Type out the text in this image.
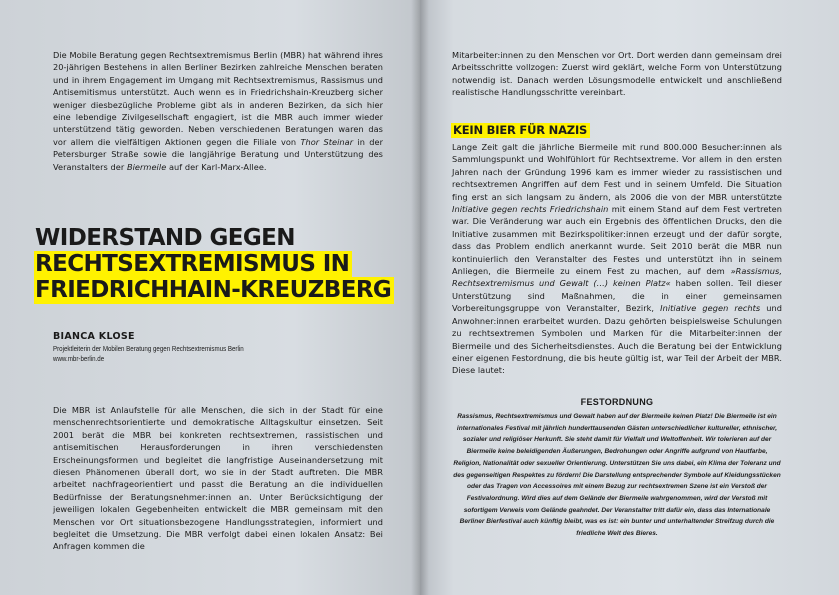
Die Mobile Beratung gegen Rechtsextremismus Berlin (MBR) hat während ihres 20-jährigen Bestehens in allen Berliner Bezirken zahlreiche Menschen beraten und in ihrem Engagement im Umgang mit Rechtsextremismus, Rassismus und Antisemitismus unterstützt. Auch wenn es in Friedrichshain-Kreuzberg sicher weniger diesbezügliche Probleme gibt als in anderen Bezirken, da sich hier eine lebendige Zivilgesellschaft engagiert, ist die MBR auch immer wieder unterstützend tätig geworden. Neben verschiedenen Beratungen waren das vor allem die vielfältigen Aktionen gegen die Filiale von Thor Steinar in der Petersburger Straße sowie die langjährige Beratung und Unterstützung des Veranstalters der Biermeile auf der Karl-Marx-Allee.

WIDERSTAND GEGEN
RECHTSEXTREMISMUS IN
FRIEDRICHHAIN-KREUZBERG
BIANCA KLOSE
Projektleiterin der Mobilen Beratung gegen Rechtsextremismus Berlin
www.mbr-berlin.de

Die MBR ist Anlaufstelle für alle Menschen, die sich in der Stadt für eine menschenrechtsorientierte und demokratische Alltagskultur einsetzen. Seit 2001 berät die MBR bei konkreten rechtsextremen, rassistischen und antisemitischen Herausforderungen in ihren verschiedensten Erscheinungsformen und begleitet die langfristige Auseinandersetzung mit diesen Phänomenen überall dort, wo sie in der Stadt auftreten. Die MBR arbeitet nachfrageorientiert und passt die Beratung an die individuellen Bedürfnisse der Beratungsnehmer:innen an. Unter Berücksichtigung der jeweiligen lokalen Gegebenheiten entwickelt die MBR gemeinsam mit den Menschen vor Ort situationsbezogene Handlungsstrategien, informiert und begleitet die Umsetzung. Die MBR verfolgt dabei einen lokalen Ansatz: Bei Anfragen kommen die

Mitarbeiter:innen zu den Menschen vor Ort. Dort werden dann gemeinsam drei Arbeitsschritte vollzogen: Zuerst wird geklärt, welche Form von Unterstützung notwendig ist. Danach werden Lösungsmodelle entwickelt und anschließend realistische Handlungsschritte vereinbart.

KEIN BIER FÜR NAZIS

Lange Zeit galt die jährliche Biermeile mit rund 800.000 Besucher:innen als Sammlungspunkt und Wohlfühlort für Rechtsextreme. Vor allem in den ersten Jahren nach der Gründung 1996 kam es immer wieder zu rassistischen und rechtsextremen Angriffen auf dem Fest und in seinem Umfeld. Die Situation fing erst an sich langsam zu ändern, als 2006 die von der MBR unterstützte Initiative gegen rechts Friedrichshain mit einem Stand auf dem Fest vertreten war. Die Veränderung war auch ein Ergebnis des öffentlichen Drucks, den die Initiative zusammen mit Bezirkspolitiker:innen erzeugt und der dafür sorgte, dass das Problem endlich anerkannt wurde. Seit 2010 berät die MBR nun kontinuierlich den Veranstalter des Festes und unterstützt ihn in seinem Anliegen, die Biermeile zu einem Fest zu machen, auf dem »Rassismus, Rechtsextremismus und Gewalt (…) keinen Platz« haben sollen. Teil dieser Unterstützung sind Maßnahmen, die in einer gemeinsamen Vorbereitungsgruppe von Veranstalter, Bezirk, Initiative gegen rechts und Anwohner:innen erarbeitet wurden. Dazu gehörten beispielsweise Schulungen zu rechtsextremen Symbolen und Marken für die Mitarbeiter:innen der Biermeile und des Sicherheitsdienstes. Auch die Beratung bei der Entwicklung einer eigenen Festordnung, die bis heute gültig ist, war Teil der Arbeit der MBR. Diese lautet:

FESTORDNUNG

Rassismus, Rechtsextremismus und Gewalt haben auf der Biermeile keinen Platz! Die Biermeile ist ein internationales Festival mit jährlich hunderttausenden Gästen unterschiedlicher kultureller, ethnischer, sozialer und religiöser Herkunft. Sie steht damit für Vielfalt und Weltoffenheit. Wir tolerieren auf der Biermeile keine beleidigenden Äußerungen, Bedrohungen oder Angriffe aufgrund von Hautfarbe, Religion, Nationalität oder sexueller Orientierung. Unterstützen Sie uns dabei, ein Klima der Toleranz und des gegenseitigen Respektes zu fördern! Die Darstellung entsprechender Symbole auf Kleidungsstücken oder das Tragen von Accessoires mit einem Bezug zur rechtsextremen Szene ist ein Verstoß der Festivalordnung. Wird dies auf dem Gelände der Biermeile wahrgenommen, wird der Verstoß mit sofortigem Verweis vom Gelände geahndet. Der Veranstalter tritt dafür ein, dass das Internationale Berliner Bierfestival auch künftig bleibt, was es ist: ein bunter und unterhaltender Streifzug durch die friedliche Welt des Bieres.
